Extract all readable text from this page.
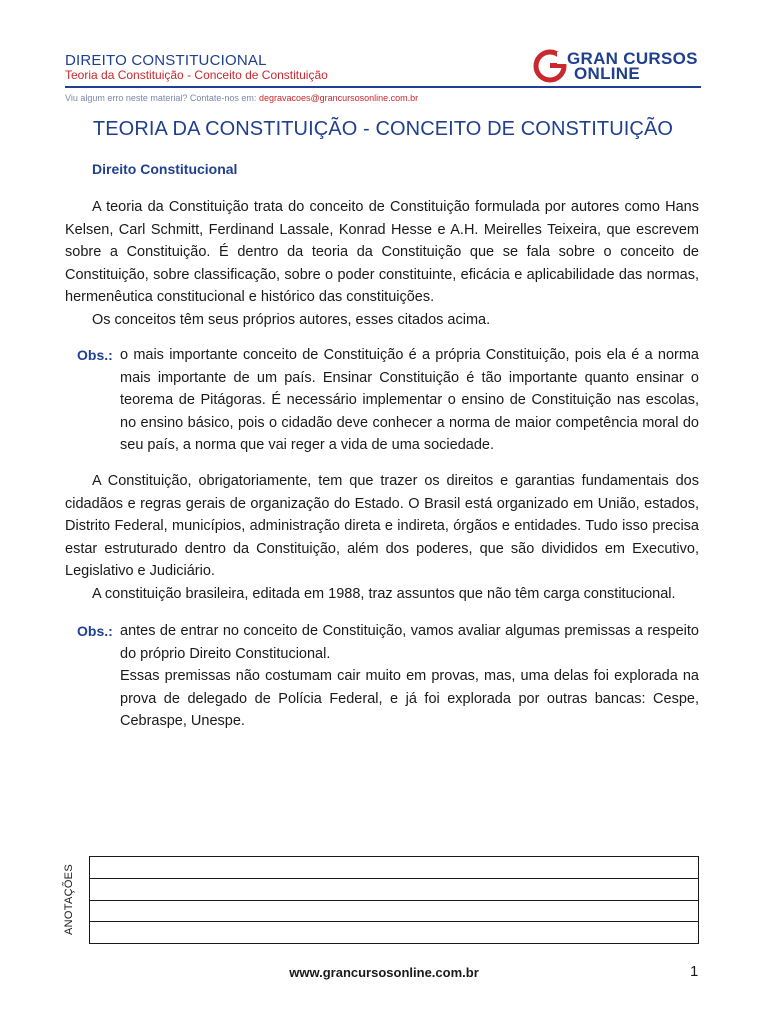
DIREITO CONSTITUCIONAL
Teoria da Constituição - Conceito de Constituição
GRAN CURSOS
ONLINE
Viu algum erro neste material? Contate-nos em: degravacoes@grancursosonline.com.br
TEORIA DA CONSTITUIÇÃO - CONCEITO DE CONSTITUIÇÃO
Direito Constitucional

A teoria da Constituição trata do conceito de Constituição formulada por autores como Hans Kelsen, Carl Schmitt, Ferdinand Lassale, Konrad Hesse e A.H. Meirelles Teixeira, que escrevem sobre a Constituição. É dentro da teoria da Constituição que se fala sobre o conceito de Constituição, sobre classificação, sobre o poder constituinte, eficácia e aplicabilidade das normas, hermenêutica constitucional e histórico das constituições.

Os conceitos têm seus próprios autores, esses citados acima.

Obs.: o mais importante conceito de Constituição é a própria Constituição, pois ela é a norma mais importante de um país. Ensinar Constituição é tão importante quanto ensinar o teorema de Pitágoras. É necessário implementar o ensino de Constituição nas escolas, no ensino básico, pois o cidadão deve conhecer a norma de maior competência moral do seu país, a norma que vai reger a vida de uma sociedade.

A Constituição, obrigatoriamente, tem que trazer os direitos e garantias fundamentais dos cidadãos e regras gerais de organização do Estado. O Brasil está organizado em União, estados, Distrito Federal, municípios, administração direta e indireta, órgãos e entidades. Tudo isso precisa estar estruturado dentro da Constituição, além dos poderes, que são divididos em Executivo, Legislativo e Judiciário.

A constituição brasileira, editada em 1988, traz assuntos que não têm carga constitucional.

Obs.: antes de entrar no conceito de Constituição, vamos avaliar algumas premissas a respeito do próprio Direito Constitucional.

Essas premissas não costumam cair muito em provas, mas, uma delas foi explorada na prova de delegado de Polícia Federal, e já foi explorada por outras bancas: Cespe, Cebraspe, Unespe.

ANOTAÇÕES
www.grancursosonline.com.br	1
